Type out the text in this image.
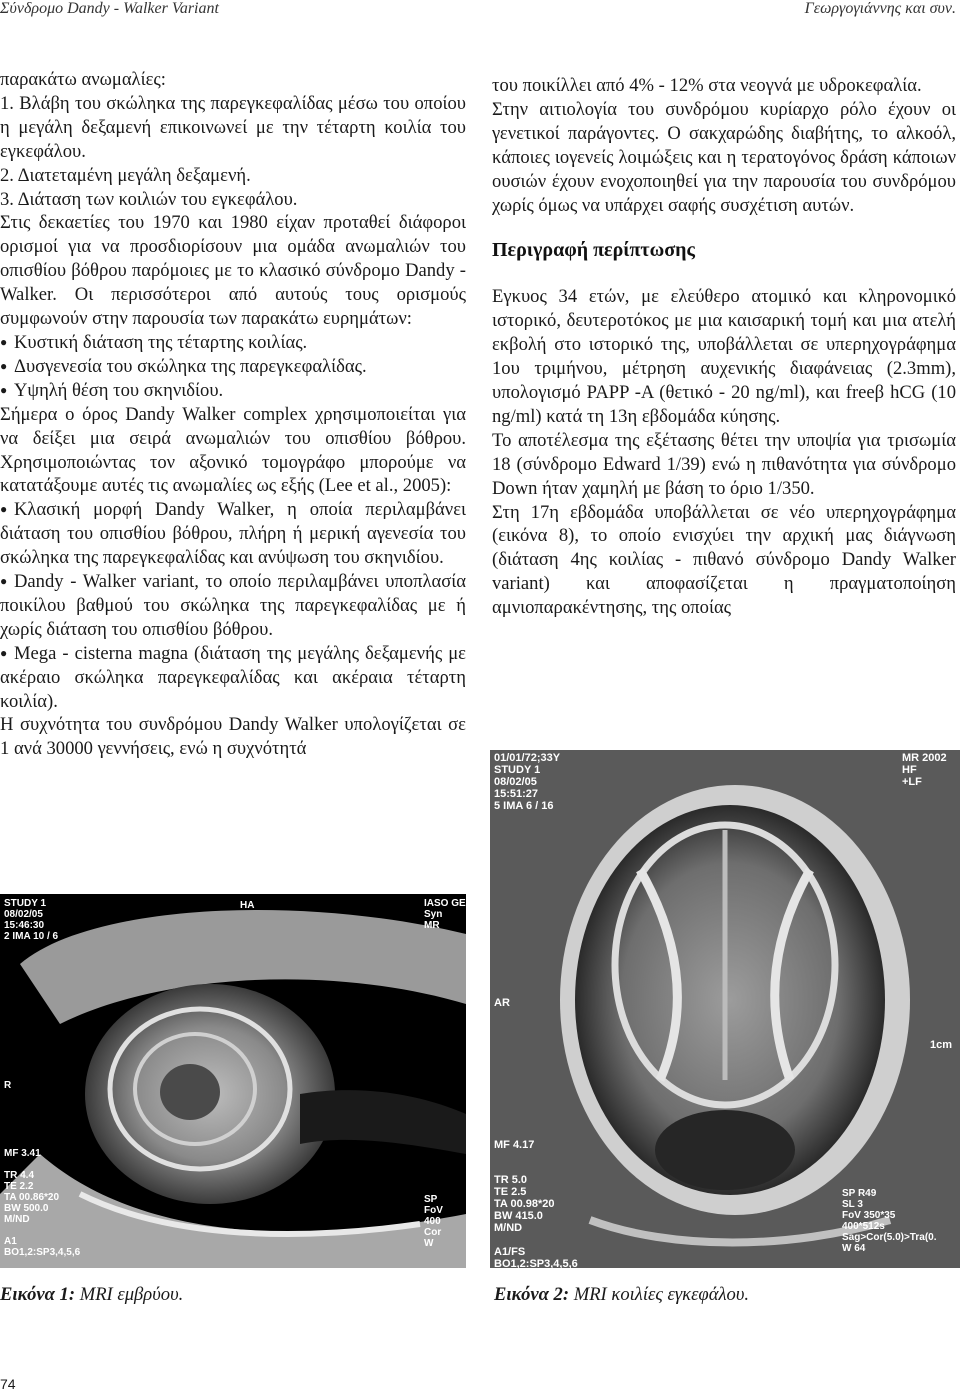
Σύνδρομο Dandy - Walker Variant	Γεωργογιάννης και συν.

παρακάτω ανωμαλίες:

1. Βλάβη του σκώληκα της παρεγκεφαλίδας μέσω του οποίου η μεγάλη δεξαμενή επικοινωνεί με την τέταρτη κοιλία του εγκεφάλου.

2. Διατεταμένη μεγάλη δεξαμενή.

3. Διάταση των κοιλιών του εγκεφάλου.

Στις δεκαετίες του 1970 και 1980 είχαν προταθεί διάφοροι ορισμοί για να προσδιορίσουν μια ομάδα ανωμαλιών του οπισθίου βόθρου παρόμοιες με το κλασικό σύνδρομο Dandy - Walker. Οι περισσότεροι από αυτούς τους ορισμούς συμφωνούν στην παρουσία των παρακάτω ευρημάτων:

● Κυστική διάταση της τέταρτης κοιλίας.

● Δυσγενεσία του σκώληκα της παρεγκεφαλίδας.

● Υψηλή θέση του σκηνιδίου.

Σήμερα ο όρος Dandy Walker complex χρησιμοποιείται για να δείξει μια σειρά ανωμαλιών του οπισθίου βόθρου. Χρησιμοποιώντας τον αξονικό τομογράφο μπορούμε να κατατάξουμε αυτές τις ανωμαλίες ως εξής (Lee et al., 2005):

● Κλασική μορφή Dandy Walker, η οποία περιλαμβάνει διάταση του οπισθίου βόθρου, πλήρη ή μερική αγενεσία του σκώληκα της παρεγκεφαλίδας και ανύψωση του σκηνιδίου.

● Dandy - Walker variant, το οποίο περιλαμβάνει υποπλασία ποικίλου βαθμού του σκώληκα της παρεγκεφαλίδας με ή χωρίς διάταση του οπισθίου βόθρου.

● Mega - cisterna magna (διάταση της μεγάλης δεξαμενής με ακέραιο σκώληκα παρεγκεφαλίδας και ακέραια τέταρτη κοιλία).

Η συχνότητα του συνδρόμου Dandy Walker υπολογίζεται σε 1 ανά 30000 γεννήσεις, ενώ η συχνότητά

του ποικίλλει από 4% - 12% στα νεογνά με υδροκεφαλία.

Στην αιτιολογία του συνδρόμου κυρίαρχο ρόλο έχουν οι γενετικοί παράγοντες. Ο σακχαρώδης διαβήτης, το αλκοόλ, κάποιες ιογενείς λοιμώξεις και η τερατογόνος δράση κάποιων ουσιών έχουν ενοχοποιηθεί για την παρουσία του συνδρόμου χωρίς όμως να υπάρχει σαφής συσχέτιση αυτών.

Περιγραφή περίπτωσης

Εγκυος 34 ετών, με ελεύθερο ατομικό και κληρονομικό ιστορικό, δευτεροτόκος με μια καισαρική τομή και μια ατελή εκβολή στο ιστορικό της, υποβάλλεται σε υπερηχογράφημα 1ου τριμήνου, μέτρηση αυχενικής διαφάνειας (2.3mm), υπολογισμό PAPP -A (θετικό - 20 ng/ml), και freeβ hCG (10 ng/ml) κατά τη 13η εβδομάδα κύησης.

Το αποτέλεσμα της εξέτασης θέτει την υποψία για τρισωμία 18 (σύνδρομο Edward 1/39) ενώ η πιθανότητα για σύνδρομο Down ήταν χαμηλή με βάση το όριο 1/350.

Στη 17η εβδομάδα υποβάλλεται σε νέο υπερηχογράφημα (εικόνα 8), το οποίο ενισχύει την αρχική μας διάγνωση (διάταση 4ης κοιλίας - πιθανό σύνδρομο Dandy Walker variant) και αποφασίζεται η πραγματοποίηση αμνιοπαρακέντησης, της οποίας

STUDY 1
08/02/05
15:46:30
2 IMA 10 / 6
HA	IASO GEN
Syn
MR
R
MF 3.41

TR 4.4
TE 2.2
TA 00.86*20
BW 500.0
M/ND

A1
BO1,2:SP3,4,5,6
SP
FoV
400
Cor
W
01/01/72;33Y
STUDY 1
08/02/05
15:51:27
5 IMA 6 / 16
MR 2002
HF
+LF
AR
1cm
MF 4.17
TR 5.0
TE 2.5
TA 00.98*20
BW 415.0
M/ND

A1/FS
BO1,2:SP3,4,5,6
SP R49
SL 3
FoV 350*35
400*512s
Sag>Cor(5.0)>Tra(0.
W 64
Εικόνα 1: MRI εμβρύου.	Εικόνα 2: MRI κοιλίες εγκεφάλου.
74
